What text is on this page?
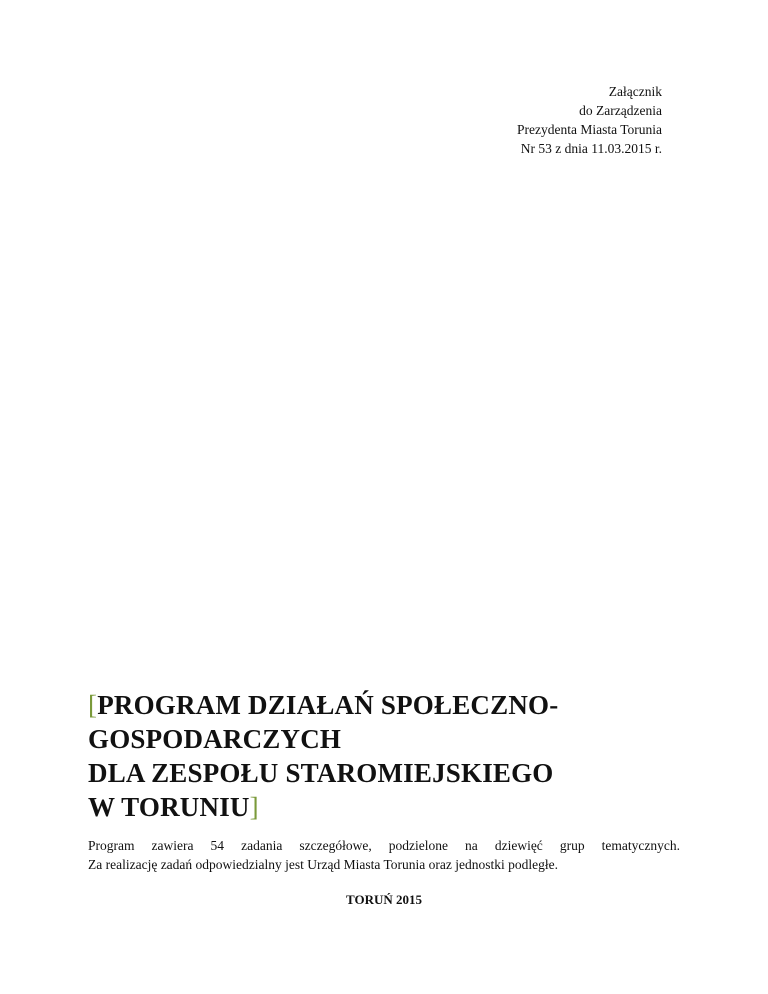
Załącznik
do Zarządzenia
Prezydenta Miasta Torunia
Nr 53 z dnia 11.03.2015 r.
[PROGRAM DZIAŁAŃ SPOŁECZNO-
GOSPODARCZYCH
DLA ZESPOŁU STAROMIEJSKIEGO
W TORUNIU]
Program zawiera 54 zadania szczegółowe, podzielone na dziewięć grup tematycznych.
Za realizację zadań odpowiedzialny jest Urząd Miasta Torunia oraz jednostki podległe.
TORUŃ 2015
